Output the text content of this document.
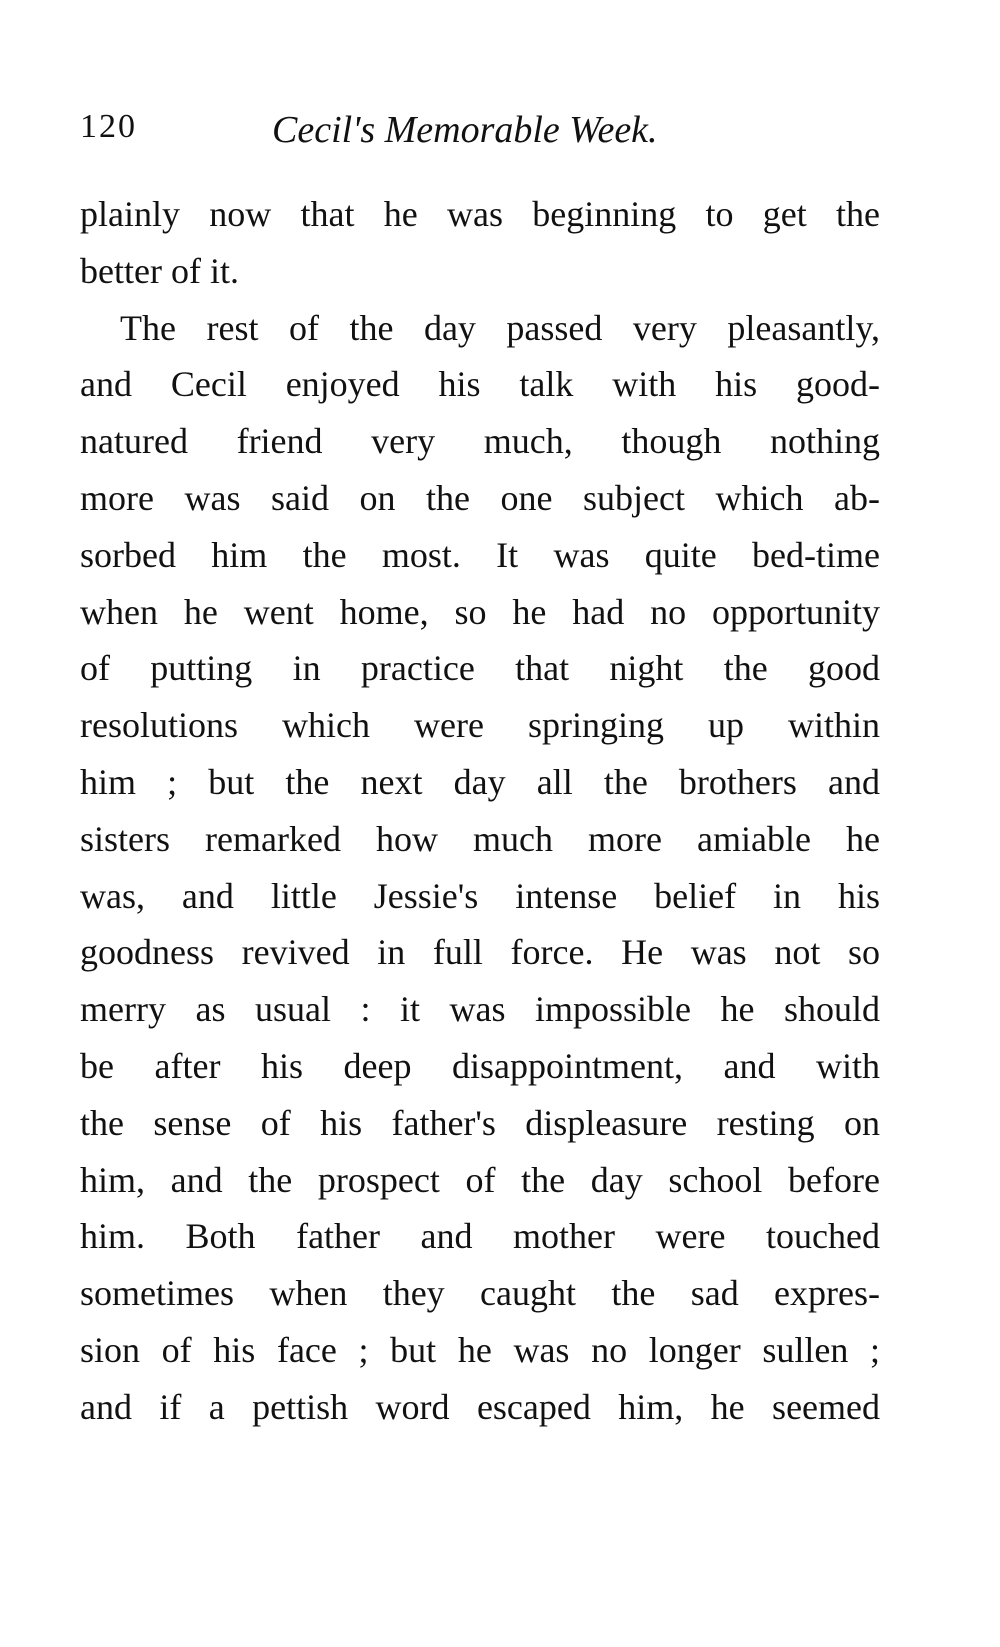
120	Cecil's Memorable Week.
plainly now that he was beginning to get the
better of it.
The rest of the day passed very pleasantly,
and Cecil enjoyed his talk with his good-
natured friend very much, though nothing
more was said on the one subject which ab-
sorbed him the most. It was quite bed-time
when he went home, so he had no opportunity
of putting in practice that night the good
resolutions which were springing up within
him ; but the next day all the brothers and
sisters remarked how much more amiable he
was, and little Jessie's intense belief in his
goodness revived in full force. He was not so
merry as usual : it was impossible he should
be after his deep disappointment, and with
the sense of his father's displeasure resting on
him, and the prospect of the day school before
him. Both father and mother were touched
sometimes when they caught the sad expres-
sion of his face ; but he was no longer sullen ;
and if a pettish word escaped him, he seemed
